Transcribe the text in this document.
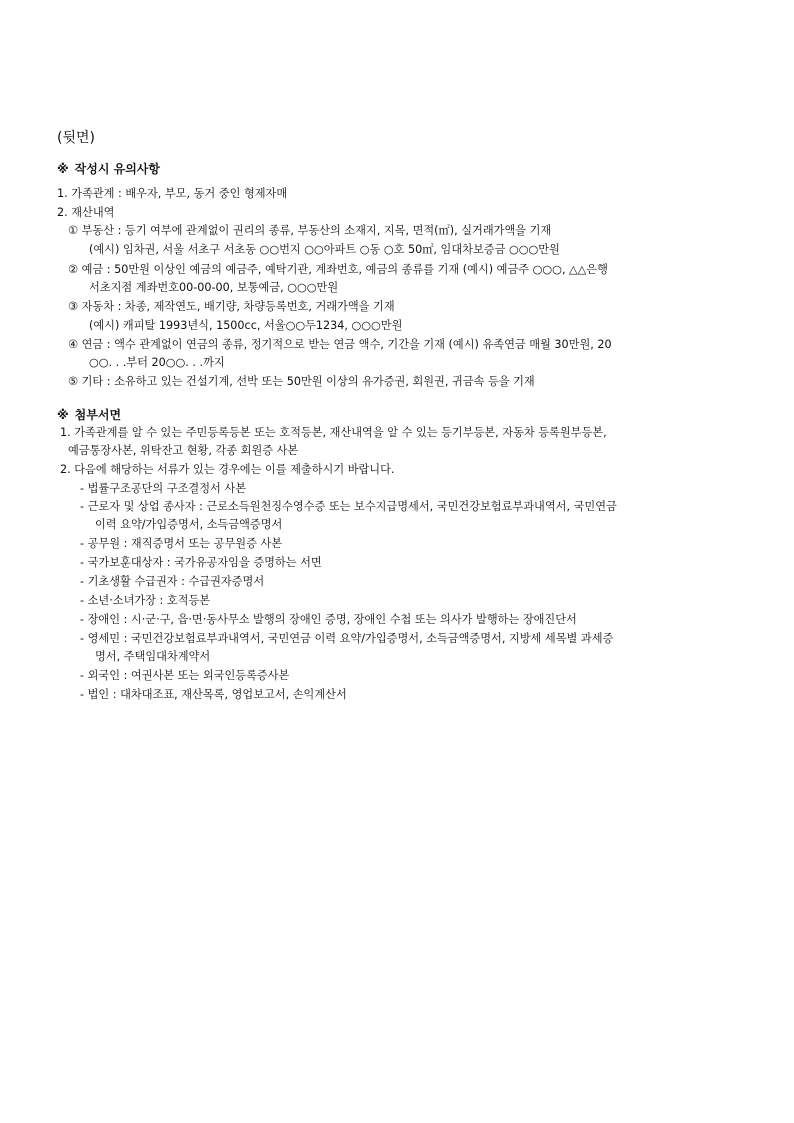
(뒷면)
※ 작성시 유의사항
1. 가족관계 : 배우자, 부모, 동거 중인 형제자매
2. 재산내역
① 부동산 : 등기 여부에 관계없이 권리의 종류, 부동산의 소재지, 지목, 면적(㎡), 실거래가액을 기재
(예시) 임차권, 서울 서초구 서초동 ○○번지 ○○아파트 ○동 ○호 50㎡, 임대차보증금 ○○○만원
② 예금 : 50만원 이상인 예금의 예금주, 예탁기관, 계좌번호, 예금의 종류를 기재 (예시) 예금주 ○○○, △△은행
서초지점 계좌번호00-00-00, 보통예금, ○○○만원
③ 자동차 : 차종, 제작연도, 배기량, 차량등록번호, 거래가액을 기재
(예시) 캐피탈 1993년식, 1500cc, 서울○○두1234, ○○○만원
④ 연금 : 액수 관계없이 연금의 종류, 정기적으로 받는 연금 액수, 기간을 기재 (예시) 유족연금 매월 30만원, 20
○○. . .부터 20○○. . .까지
⑤ 기타 : 소유하고 있는 건설기계, 선박 또는 50만원 이상의 유가증권, 회원권, 귀금속 등을 기재
※ 첨부서면
1. 가족관계를 알 수 있는 주민등록등본 또는 호적등본, 재산내역을 알 수 있는 등기부등본, 자동차 등록원부등본,
예금통장사본, 위탁잔고 현황, 각종 회원증 사본
2. 다음에 해당하는 서류가 있는 경우에는 이를 제출하시기 바랍니다.
- 법률구조공단의 구조결정서 사본
- 근로자 및 상업 종사자 : 근로소득원천징수영수증 또는 보수지급명세서, 국민건강보험료부과내역서, 국민연금
이력 요약/가입증명서, 소득금액증명서
- 공무원 : 재직증명서 또는 공무원증 사본
- 국가보훈대상자 : 국가유공자임을 증명하는 서면
- 기초생활 수급권자 : 수급권자증명서
- 소년·소녀가장 : 호적등본
- 장애인 : 시·군·구, 읍·면·동사무소 발행의 장애인 증명, 장애인 수첩 또는 의사가 발행하는 장애진단서
- 영세민 : 국민건강보험료부과내역서, 국민연금 이력 요약/가입증명서, 소득금액증명서, 지방세 세목별 과세증
명서, 주택임대차계약서
- 외국인 : 여권사본 또는 외국인등록증사본
- 법인 : 대차대조표, 재산목록, 영업보고서, 손익계산서
